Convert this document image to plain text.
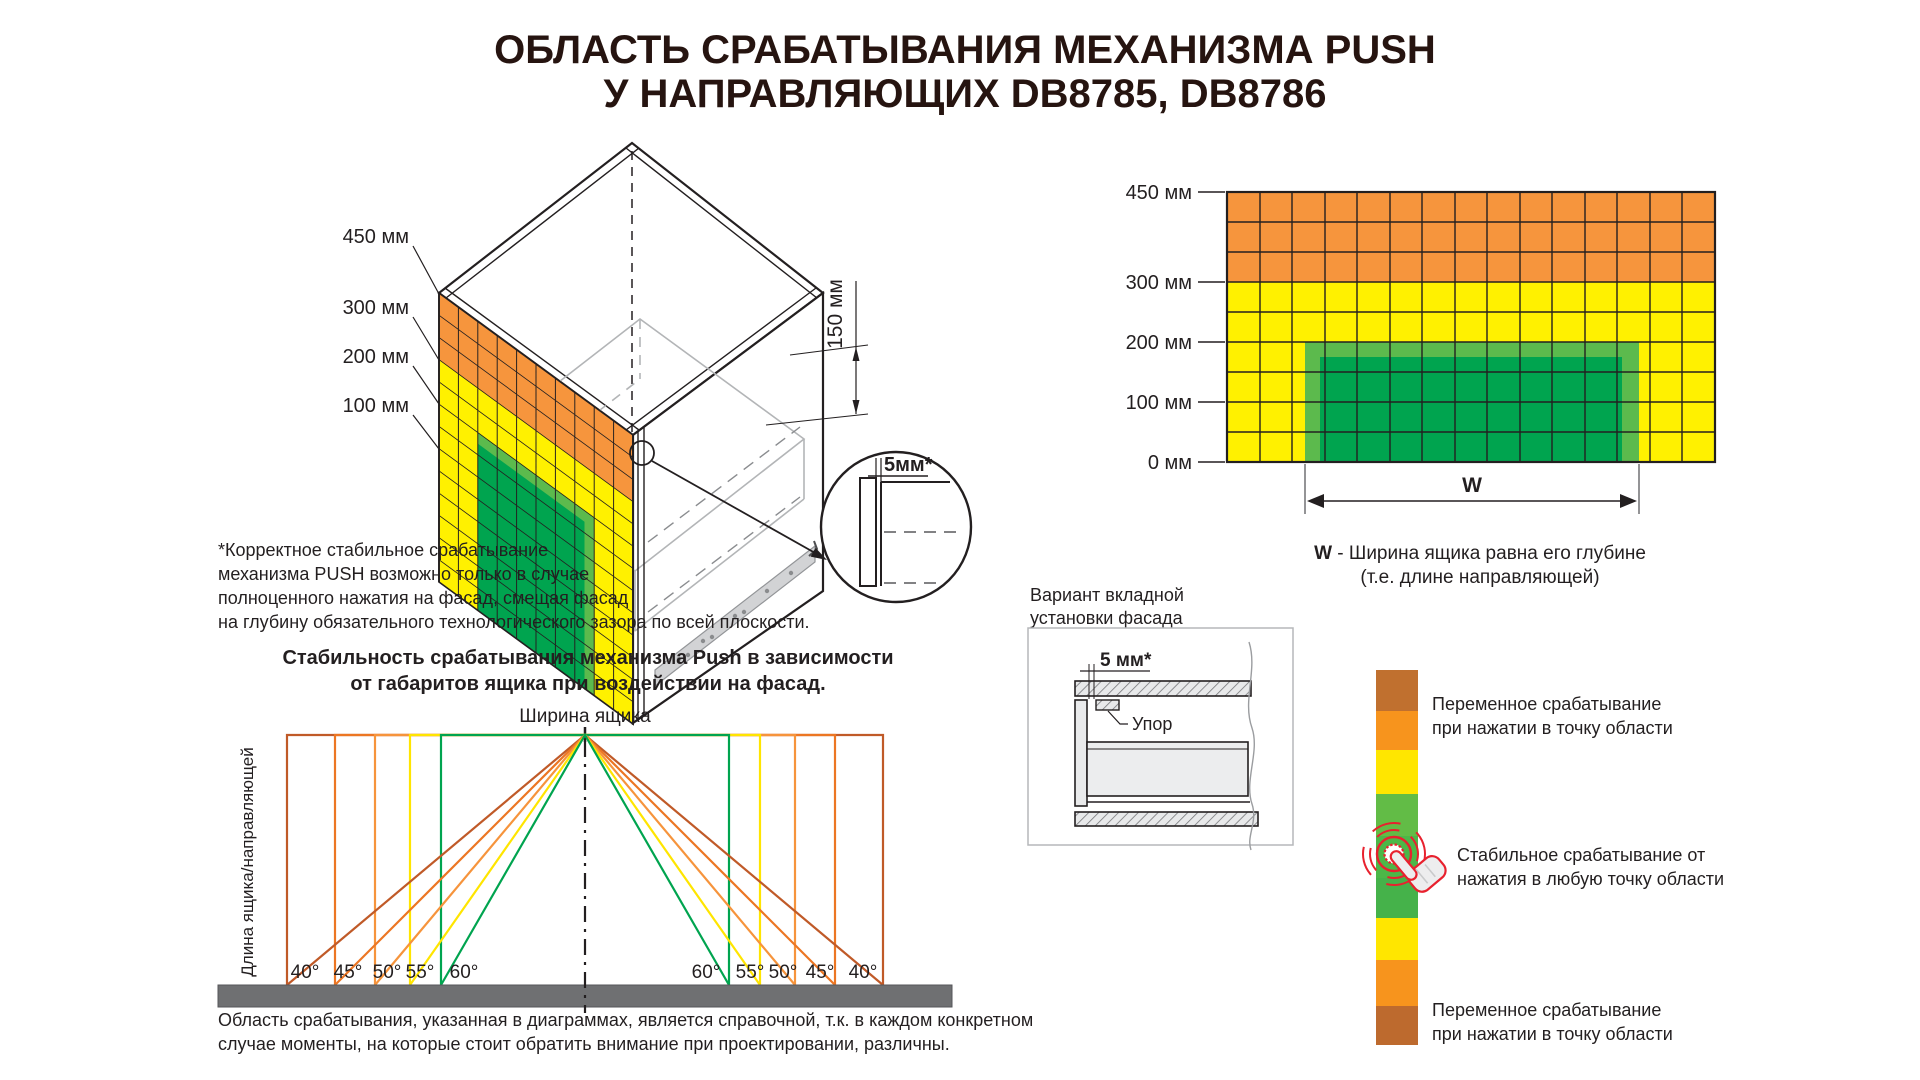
ОБЛАСТЬ СРАБАТЫВАНИЯ МЕХАНИЗМА PUSH
У НАПРАВЛЯЮЩИХ DB8785, DB8786
450 мм
300 мм
200 мм
100 мм
150 мм
5мм*
*Корректное стабильное срабатывание
механизма PUSH возможно только в случае
полноценного нажатия на фасад, смещая фасад
на глубину обязательного технологического зазора по всей плоскости.
Стабильность срабатывания механизма Push в зависимости
от габаритов ящика при воздействии на фасад.
Ширина ящика
Длина ящика/направляющей 40° 45° 50° 55° 60°	60° 55° 50° 45° 40°
Область срабатывания, указанная в диаграммах, является справочной, т.к. в каждом конкретном
случае моменты, на которые стоит обратить внимание при проектировании, различны.
450 мм
300 мм
200 мм
100 мм
0 мм
W
W - Ширина ящика равна его глубине
(т.е. длине направляющей)
Вариант вкладной
установки фасада
5 мм*
Упор
Переменное срабатывание
при нажатии в точку области
Стабильное срабатывание от
нажатия в любую точку области
Переменное срабатывание
при нажатии в точку области
